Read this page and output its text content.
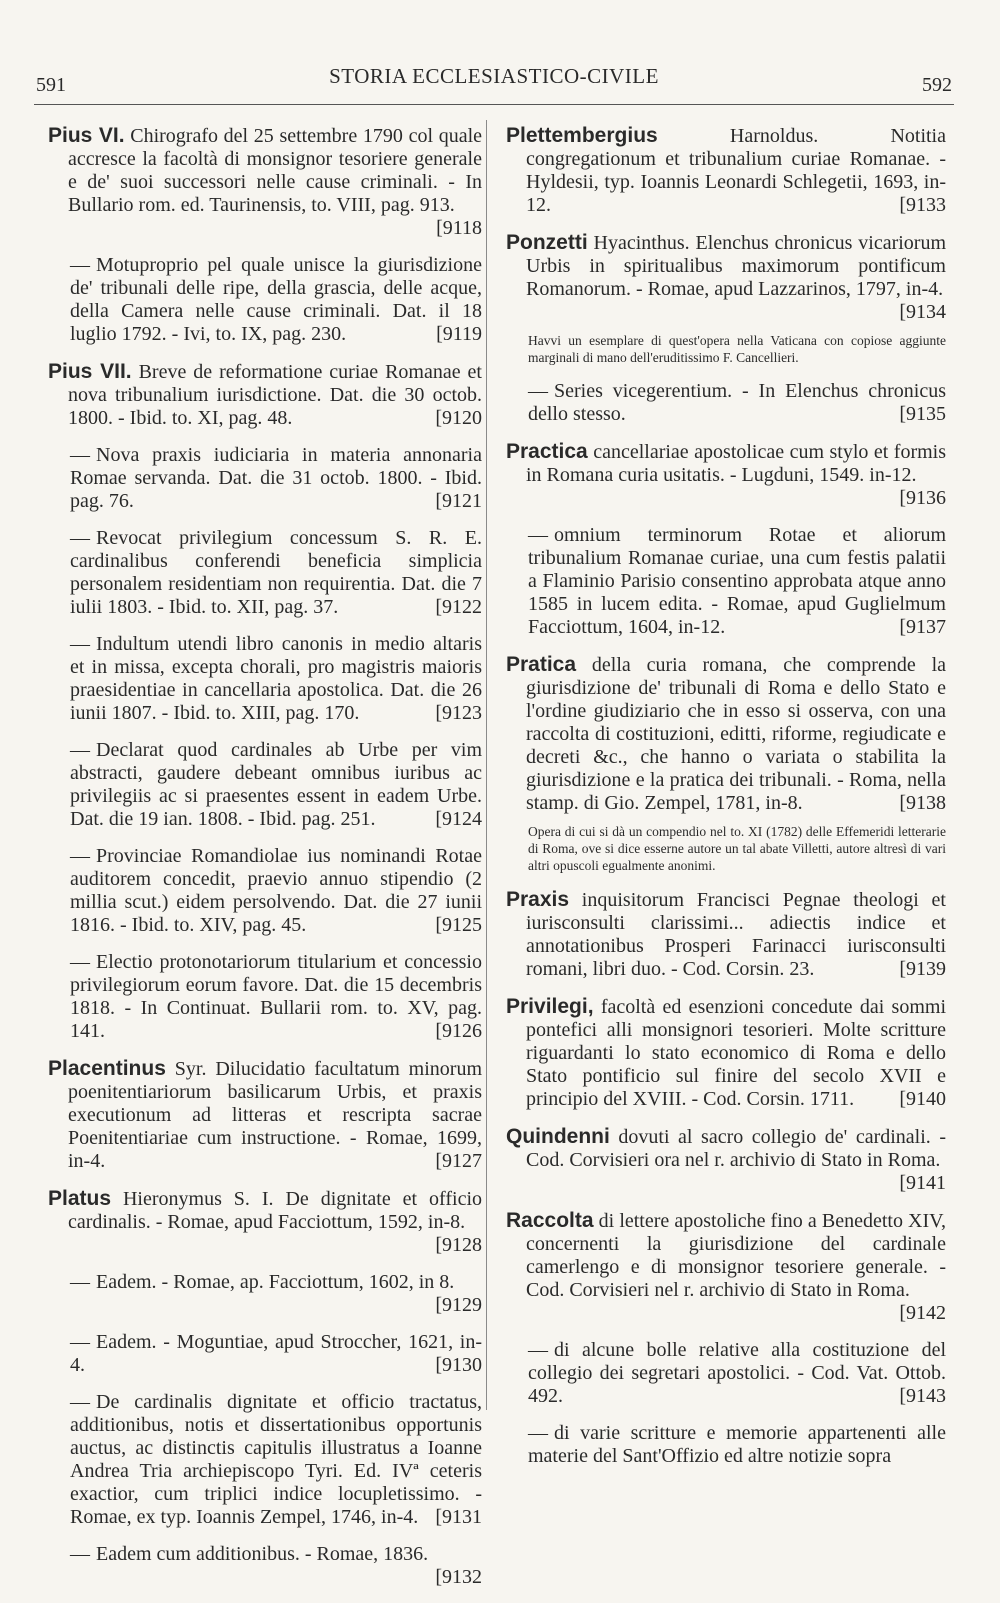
591	STORIA ECCLESIASTICO-CIVILE	592
Pius VI. Chirografo del 25 settembre 1790 col quale accresce la facoltà di monsignor tesoriere generale e de' suoi successori nelle cause criminali. - In Bullario rom. ed. Taurinensis, to. VIII, pag. 913.
[9118
— Motuproprio pel quale unisce la giurisdizione de' tribunali delle ripe, della grascia, delle acque, della Camera nelle cause criminali. Dat. il 18 luglio 1792. - Ivi, to. IX, pag. 230.	[9119
Pius VII. Breve de reformatione curiae Romanae et nova tribunalium iurisdictione. Dat. die 30 octob. 1800. - Ibid. to. XI, pag. 48.	[9120
— Nova praxis iudiciaria in materia annonaria Romae servanda. Dat. die 31 octob. 1800. - Ibid. pag. 76.	[9121
— Revocat privilegium concessum S. R. E. cardinalibus conferendi beneficia simplicia personalem residentiam non requirentia. Dat. die 7 iulii 1803. - Ibid. to. XII, pag. 37.	[9122
— Indultum utendi libro canonis in medio altaris et in missa, excepta chorali, pro magistris maioris praesidentiae in cancellaria apostolica. Dat. die 26 iunii 1807. - Ibid. to. XIII, pag. 170.	[9123
— Declarat quod cardinales ab Urbe per vim abstracti, gaudere debeant omnibus iuribus ac privilegiis ac si praesentes essent in eadem Urbe. Dat. die 19 ian. 1808. - Ibid. pag. 251.	[9124
— Provinciae Romandiolae ius nominandi Rotae auditorem concedit, praevio annuo stipendio (2 millia scut.) eidem persolvendo. Dat. die 27 iunii 1816. - Ibid. to. XIV, pag. 45.	[9125
— Electio protonotariorum titularium et concessio privilegiorum eorum favore. Dat. die 15 decembris 1818. - In Continuat. Bullarii rom. to. XV, pag. 141.	[9126
Placentinus Syr. Dilucidatio facultatum minorum poenitentiariorum basilicarum Urbis, et praxis executionum ad litteras et rescripta sacrae Poenitentiariae cum instructione. - Romae, 1699, in-4.	[9127
Platus Hieronymus S. I. De dignitate et officio cardinalis. - Romae, apud Facciottum, 1592, in-8.
[9128
— Eadem. - Romae, ap. Facciottum, 1602, in 8.
[9129
— Eadem. - Moguntiae, apud Stroccher, 1621, in-4.	[9130
— De cardinalis dignitate et officio tractatus, additionibus, notis et dissertationibus opportunis auctus, ac distinctis capitulis illustratus a Ioanne Andrea Tria archiepiscopo Tyri. Ed. IVª ceteris exactior, cum triplici indice locupletissimo. - Romae, ex typ. Ioannis Zempel, 1746, in-4. [9131
— Eadem cum additionibus. - Romae, 1836.
[9132
Plettembergius	Harnoldus. Notitia congregationum et tribunalium curiae Romanae. - Hyldesii, typ. Ioannis Leonardi Schlegetii, 1693, in-12.	[9133
Ponzetti Hyacinthus. Elenchus chronicus vicariorum Urbis in spiritualibus maximorum pontificum Romanorum. - Romae, apud Lazzarinos, 1797, in-4.
[9134
Havvi un esemplare di quest'opera nella Vaticana con copiose aggiunte marginali di mano dell'eruditissimo F. Cancellieri.
— Series vicegerentium. - In Elenchus chronicus dello stesso.	[9135
Practica cancellariae apostolicae cum stylo et formis in Romana curia usitatis. - Lugduni, 1549. in-12.
[9136
— omnium terminorum Rotae et aliorum tribunalium Romanae curiae, una cum festis palatii a Flaminio Parisio consentino approbata atque anno 1585 in lucem edita. - Romae, apud Guglielmum Facciottum, 1604, in-12.	[9137
Pratica della curia romana, che comprende la giurisdizione de' tribunali di Roma e dello Stato e l'ordine giudiziario che in esso si osserva, con una raccolta di costituzioni, editti, riforme, regiudicate e decreti &c., che hanno o variata o stabilita la giurisdizione e la pratica dei tribunali. - Roma, nella stamp. di Gio. Zempel, 1781, in-8.	[9138
Opera di cui si dà un compendio nel to. XI (1782) delle Effemeridi letterarie di Roma, ove si dice esserne autore un tal abate Villetti, autore altresì di vari altri opuscoli egualmente anonimi.
Praxis inquisitorum Francisci Pegnae theologi et iurisconsulti clarissimi... adiectis indice et annotationibus Prosperi Farinacci iurisconsulti romani, libri duo. - Cod. Corsin. 23.	[9139
Privilegi, facoltà ed esenzioni concedute dai sommi pontefici alli monsignori tesorieri. Molte scritture riguardanti lo stato economico di Roma e dello Stato pontificio sul finire del secolo XVII e principio del XVIII. - Cod. Corsin. 1711. [9140
Quindenni dovuti al sacro collegio de' cardinali. - Cod. Corvisieri ora nel r. archivio di Stato in Roma.
[9141
Raccolta di lettere apostoliche fino a Benedetto XIV, concernenti la giurisdizione del cardinale camerlengo e di monsignor tesoriere generale. - Cod. Corvisieri nel r. archivio di Stato in Roma.
[9142
— di alcune bolle relative alla costituzione del collegio dei segretari apostolici. - Cod. Vat. Ottob. 492.	[9143
— di varie scritture e memorie appartenenti alle materie del Sant'Offizio ed altre notizie sopra
